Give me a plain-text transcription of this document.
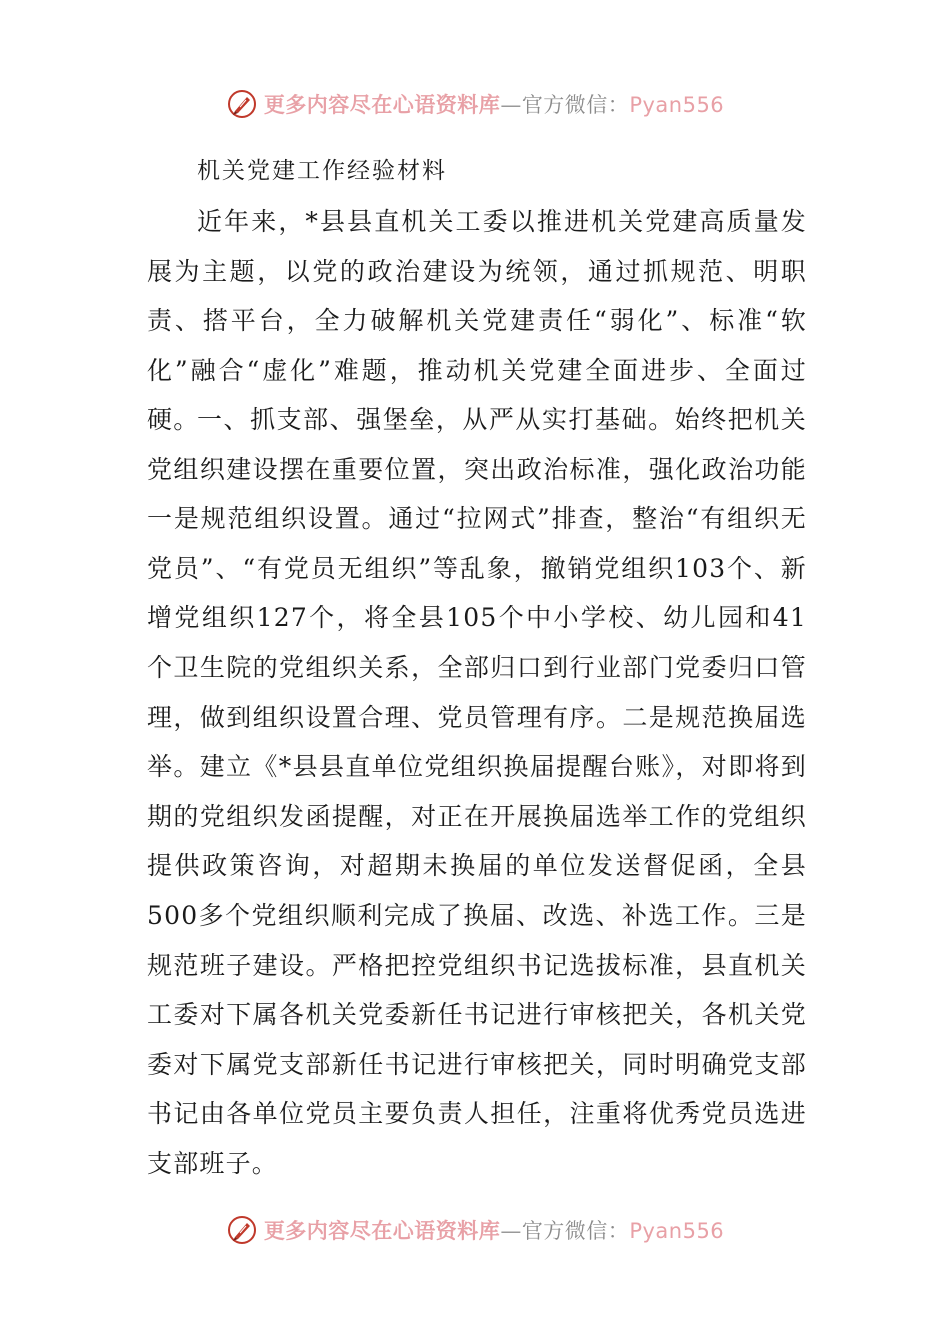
更多内容尽在心语资料库—官方微信：Pyan556
机关党建工作经验材料

近年来，*县县直机关工委以推进机关党建高质量发展为主题，以党的政治建设为统领，通过抓规范、明职责、搭平台，全力破解机关党建责任“弱化”、标准“软化”融合“虚化”难题，推动机关党建全面进步、全面过硬。

一、抓支部、强堡垒，从严从实打基础。始终把机关党组织建设摆在重要位置，突出政治标准，强化政治功能一是规范组织设置。通过“拉网式”排查，整治“有组织无党员”、“有党员无组织”等乱象，撤销党组织103个、新增党组织127个，将全县105个中小学校、幼儿园和41个卫生院的党组织关系，全部归口到行业部门党委归口管理，做到组织设置合理、党员管理有序。二是规范换届选举。建立《*县县直单位党组织换届提醒台账》，对即将到期的党组织发函提醒，对正在开展换届选举工作的党组织提供政策咨询，对超期未换届的单位发送督促函，全县500多个党组织顺利完成了换届、改选、补选工作。三是规范班子建设。严格把控党组织书记选拔标准，县直机关工委对下属各机关党委新任书记进行审核把关，各机关党委对下属党支部新任书记进行审核把关，同时明确党支部书记由各单位党员主要负责人担任，注重将优秀党员选进支部班子。

更多内容尽在心语资料库—官方微信：Pyan556
